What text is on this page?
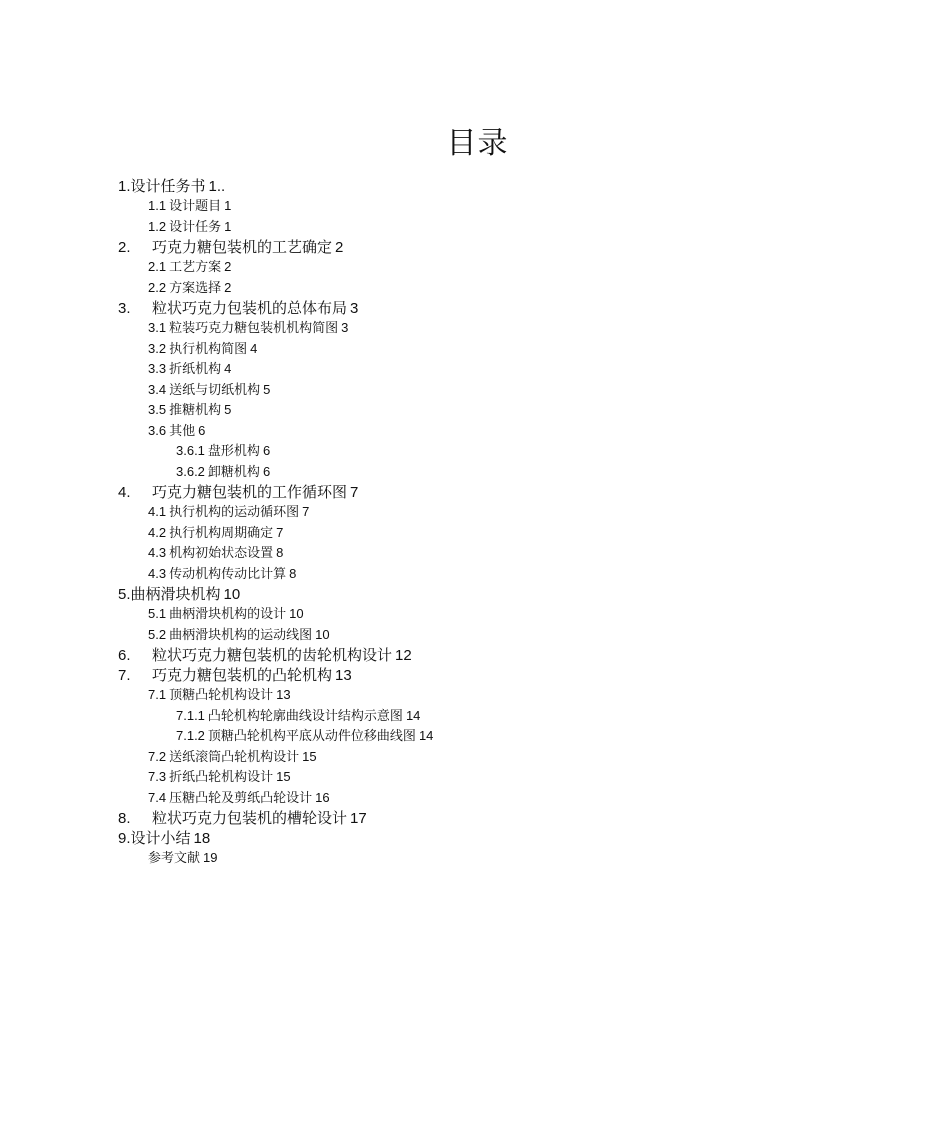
目录
1.设计任务书 1..
1.1 设计题目 1
1.2 设计任务 1
2. 巧克力糖包装机的工艺确定 2
2.1 工艺方案 2
2.2 方案选择 2
3. 粒状巧克力包装机的总体布局 3
3.1 粒装巧克力糖包装机机构简图 3
3.2 执行机构简图 4
3.3 折纸机构 4
3.4 送纸与切纸机构 5
3.5 推糖机构 5
3.6 其他 6
3.6.1 盘形机构 6
3.6.2 卸糖机构 6
4. 巧克力糖包装机的工作循环图 7
4.1 执行机构的运动循环图 7
4.2 执行机构周期确定 7
4.3 机构初始状态设置 8
4.3 传动机构传动比计算 8
5.曲柄滑块机构 10
5.1 曲柄滑块机构的设计 10
5.2 曲柄滑块机构的运动线图 10
6. 粒状巧克力糖包装机的齿轮机构设计 12
7. 巧克力糖包装机的凸轮机构 13
7.1 顶糖凸轮机构设计 13
7.1.1 凸轮机构轮廓曲线设计结构示意图 14
7.1.2 顶糖凸轮机构平底从动件位移曲线图 14
7.2 送纸滚筒凸轮机构设计 15
7.3 折纸凸轮机构设计 15
7.4 压糖凸轮及剪纸凸轮设计 16
8. 粒状巧克力包装机的槽轮设计 17
9.设计小结 18
参考文献 19
